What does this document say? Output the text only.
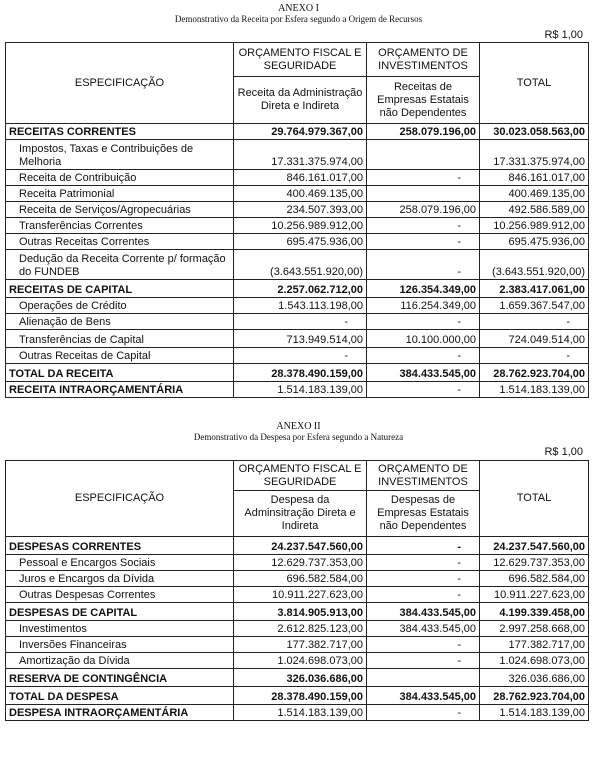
ANEXO I
Demonstrativo da Receita por Esfera segundo a Origem de Recursos
R$ 1,00
ESPECIFICAÇÃO	ORÇAMENTO FISCAL E SEGURIDADE	ORÇAMENTO DE INVESTIMENTOS	TOTAL
	Receita da Administração Direta e Indireta	Receitas de Empresas Estatais não Dependentes	
RECEITAS CORRENTES	29.764.979.367,00	258.079.196,00	30.023.058.563,00
Impostos, Taxas e Contribuições de Melhoria	17.331.375.974,00		17.331.375.974,00
Receita de Contribuição	846.161.017,00	-	846.161.017,00
Receita Patrimonial	400.469.135,00		400.469.135,00
Receita de Serviços/Agropecuárias	234.507.393,00	258.079.196,00	492.586.589,00
Transferências Correntes	10.256.989.912,00	-	10.256.989.912,00
Outras Receitas Correntes	695.475.936,00	-	695.475.936,00
Dedução da Receita Corrente p/ formação do FUNDEB	(3.643.551.920,00)	-	(3.643.551.920,00)
RECEITAS DE CAPITAL	2.257.062.712,00	126.354.349,00	2.383.417.061,00
Operações de Crédito	1.543.113.198,00	116.254.349,00	1.659.367.547,00
Alienação de Bens	-	-	-
Transferências de Capital	713.949.514,00	10.100.000,00	724.049.514,00
Outras Receitas de Capital	-	-	-
TOTAL DA RECEITA	28.378.490.159,00	384.433.545,00	28.762.923.704,00
RECEITA INTRAORÇAMENTÁRIA	1.514.183.139,00	-	1.514.183.139,00
ANEXO II
Demonstrativo da Despesa por Esfera segundo a Natureza
R$ 1,00
ESPECIFICAÇÃO	ORÇAMENTO FISCAL E SEGURIDADE	ORÇAMENTO DE INVESTIMENTOS	TOTAL
	Despesa da Adminsitração Direta e Indireta	Despesas de Empresas Estatais não Dependentes	
DESPESAS CORRENTES	24.237.547.560,00	-	24.237.547.560,00
Pessoal e Encargos Sociais	12.629.737.353,00	-	12.629.737.353,00
Juros e Encargos da Dívida	696.582.584,00	-	696.582.584,00
Outras Despesas Correntes	10.911.227.623,00	-	10.911.227.623,00
DESPESAS DE CAPITAL	3.814.905.913,00	384.433.545,00	4.199.339.458,00
Investimentos	2.612.825.123,00	384.433.545,00	2.997.258.668,00
Inversões Financeiras	177.382.717,00	-	177.382.717,00
Amortização da Dívida	1.024.698.073,00	-	1.024.698.073,00
RESERVA DE CONTINGÊNCIA	326.036.686,00		326.036.686,00
TOTAL DA DESPESA	28.378.490.159,00	384.433.545,00	28.762.923.704,00
DESPESA INTRAORÇAMENTÁRIA	1.514.183.139,00	-	1.514.183.139,00
